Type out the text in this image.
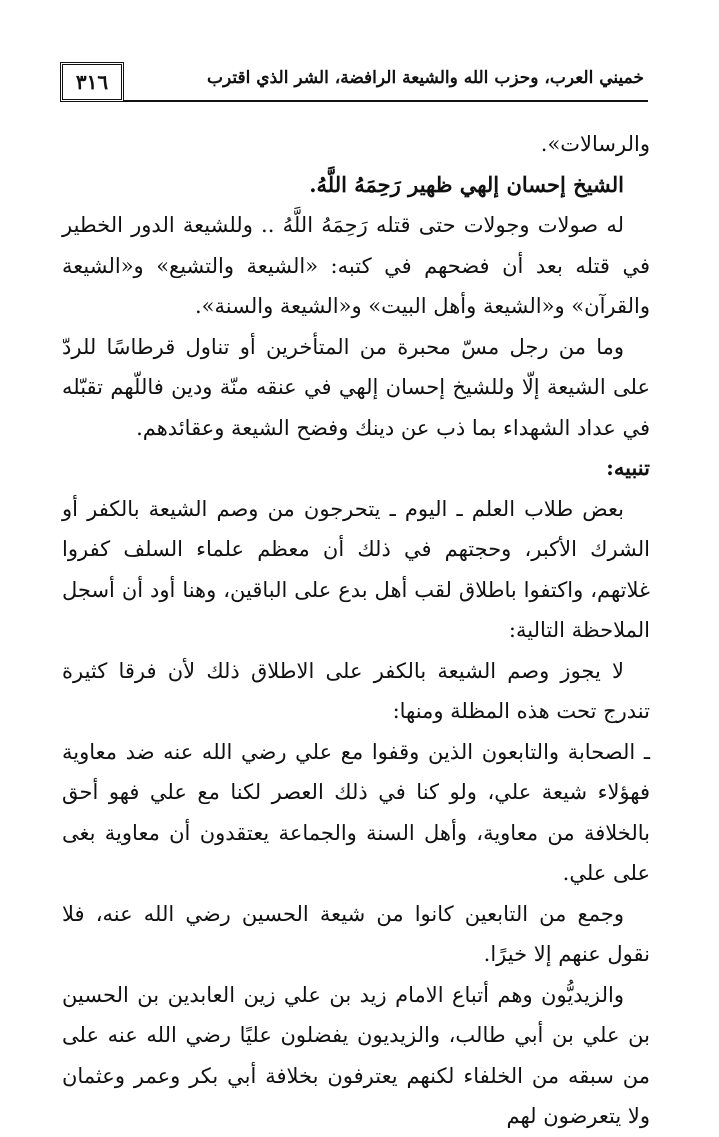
٣١٦	خميني العرب، وحزب الله والشيعة الرافضة، الشر الذي اقترب

والرسالات».

الشيخ إحسان إلهي ظهير رَحِمَهُ اللَّهُ.

له صولات وجولات حتى قتله رَحِمَهُ اللَّهُ .. وللشيعة الدور الخطير في قتله بعد أن فضحهم في كتبه: «الشيعة والتشيع» و«الشيعة والقرآن» و«الشيعة وأهل البيت» و«الشيعة والسنة».

وما من رجل مسّ محبرة من المتأخرين أو تناول قرطاسًا للردّ على الشيعة إلّا وللشيخ إحسان إلهي في عنقه منّة ودين فاللّهم تقبّله في عداد الشهداء بما ذب عن دينك وفضح الشيعة وعقائدهم.

تنبيه:

بعض طلاب العلم ـ اليوم ـ يتحرجون من وصم الشيعة بالكفر أو الشرك الأكبر، وحجتهم في ذلك أن معظم علماء السلف كفروا غلاتهم، واكتفوا باطلاق لقب أهل بدع على الباقين، وهنا أود أن أسجل الملاحظة التالية:

لا يجوز وصم الشيعة بالكفر على الاطلاق ذلك لأن فرقا كثيرة تندرج تحت هذه المظلة ومنها:

ـ الصحابة والتابعون الذين وقفوا مع علي رضي الله عنه ضد معاوية فهؤلاء شيعة علي، ولو كنا في ذلك العصر لكنا مع علي فهو أحق بالخلافة من معاوية، وأهل السنة والجماعة يعتقدون أن معاوية بغى على علي.

وجمع من التابعين كانوا من شيعة الحسين رضي الله عنه، فلا نقول عنهم إلا خيرًا.

والزيديُّون وهم أتباع الامام زيد بن علي زين العابدين بن الحسين بن علي بن أبي طالب، والزيديون يفضلون عليًا رضي الله عنه على من سبقه من الخلفاء لكنهم يعترفون بخلافة أبي بكر وعمر وعثمان ولا يتعرضون لهم
